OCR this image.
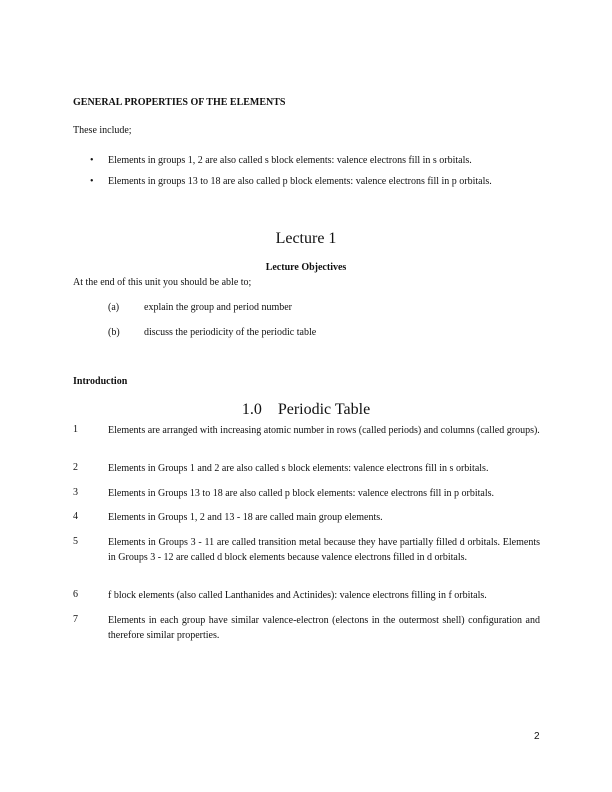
GENERAL PROPERTIES OF THE ELEMENTS
These include;
• Elements in groups 1, 2 are also called s block elements: valence electrons fill in s orbitals.
• Elements in groups 13 to 18 are also called p block elements: valence electrons fill in p orbitals.
Lecture 1
Lecture Objectives
At the end of this unit you should be able to;
(a) explain the group and period number
(b) discuss the periodicity of the periodic table
Introduction
1.0    Periodic Table
1	Elements are arranged with increasing atomic number in rows (called periods) and columns (called groups).
2	Elements in Groups 1 and 2 are also called s block elements: valence electrons fill in s orbitals.
3	Elements in Groups 13 to 18 are also called p block elements: valence electrons fill in p orbitals.
4	Elements in Groups 1, 2 and 13 - 18 are called main group elements.
5	Elements in Groups 3 - 11 are called transition metal because they have partially filled d orbitals. Elements in Groups 3 - 12 are called d block elements because valence electrons filled in d orbitals.
6	f block elements (also called Lanthanides and Actinides): valence electrons filling in f orbitals.
7	Elements in each group have similar valence-electron (electons in the outermost shell) configuration and therefore similar properties.
2
